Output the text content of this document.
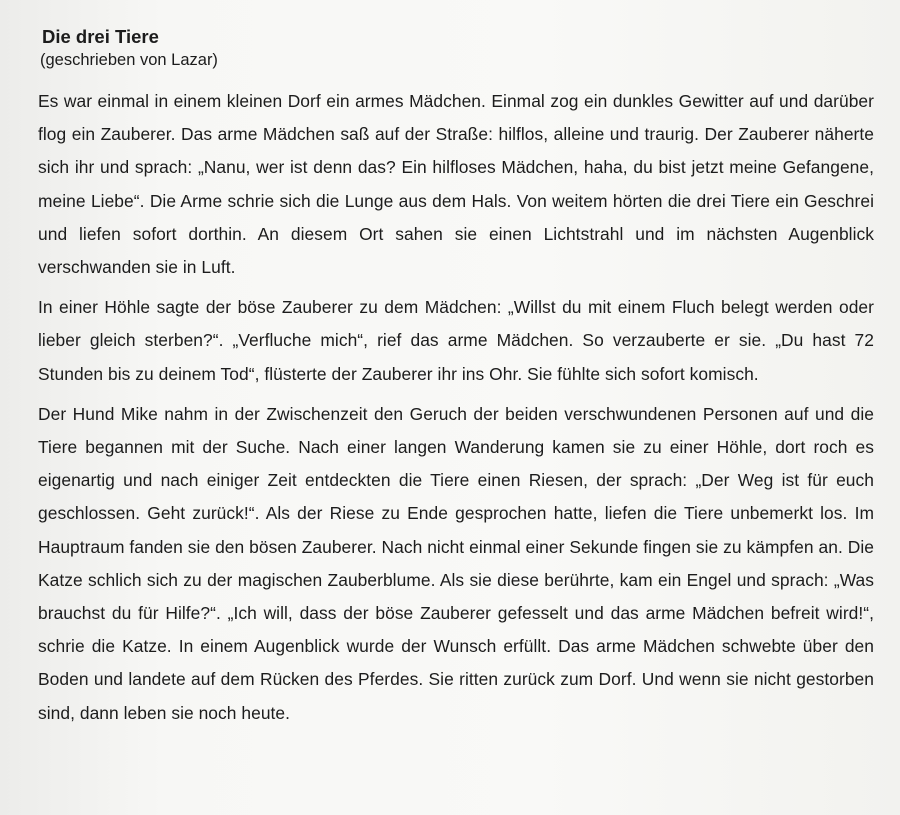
Die drei Tiere

(geschrieben von Lazar)

Es war einmal in einem kleinen Dorf ein armes Mädchen. Einmal zog ein dunkles Gewitter auf und darüber flog ein Zauberer. Das arme Mädchen saß auf der Straße: hilflos, alleine und traurig. Der Zauberer näherte sich ihr und sprach: „Nanu, wer ist denn das? Ein hilfloses Mädchen, haha, du bist jetzt meine Gefangene, meine Liebe“. Die Arme schrie sich die Lunge aus dem Hals. Von weitem hörten die drei Tiere ein Geschrei und liefen sofort dorthin. An diesem Ort sahen sie einen Lichtstrahl und im nächsten Augenblick verschwanden sie in Luft.

In einer Höhle sagte der böse Zauberer zu dem Mädchen: „Willst du mit einem Fluch belegt werden oder lieber gleich sterben?“. „Verfluche mich“, rief das arme Mädchen. So verzauberte er sie. „Du hast 72 Stunden bis zu deinem Tod“, flüsterte der Zauberer ihr ins Ohr. Sie fühlte sich sofort komisch.

Der Hund Mike nahm in der Zwischenzeit den Geruch der beiden verschwundenen Personen auf und die Tiere begannen mit der Suche. Nach einer langen Wanderung kamen sie zu einer Höhle, dort roch es eigenartig und nach einiger Zeit entdeckten die Tiere einen Riesen, der sprach: „Der Weg ist für euch geschlossen. Geht zurück!“. Als der Riese zu Ende gesprochen hatte, liefen die Tiere unbemerkt los. Im Hauptraum fanden sie den bösen Zauberer. Nach nicht einmal einer Sekunde fingen sie zu kämpfen an. Die Katze schlich sich zu der magischen Zauberblume. Als sie diese berührte, kam ein Engel und sprach: „Was brauchst du für Hilfe?“. „Ich will, dass der böse Zauberer gefesselt und das arme Mädchen befreit wird!“, schrie die Katze. In einem Augenblick wurde der Wunsch erfüllt. Das arme Mädchen schwebte über den Boden und landete auf dem Rücken des Pferdes. Sie ritten zurück zum Dorf. Und wenn sie nicht gestorben sind, dann leben sie noch heute.
